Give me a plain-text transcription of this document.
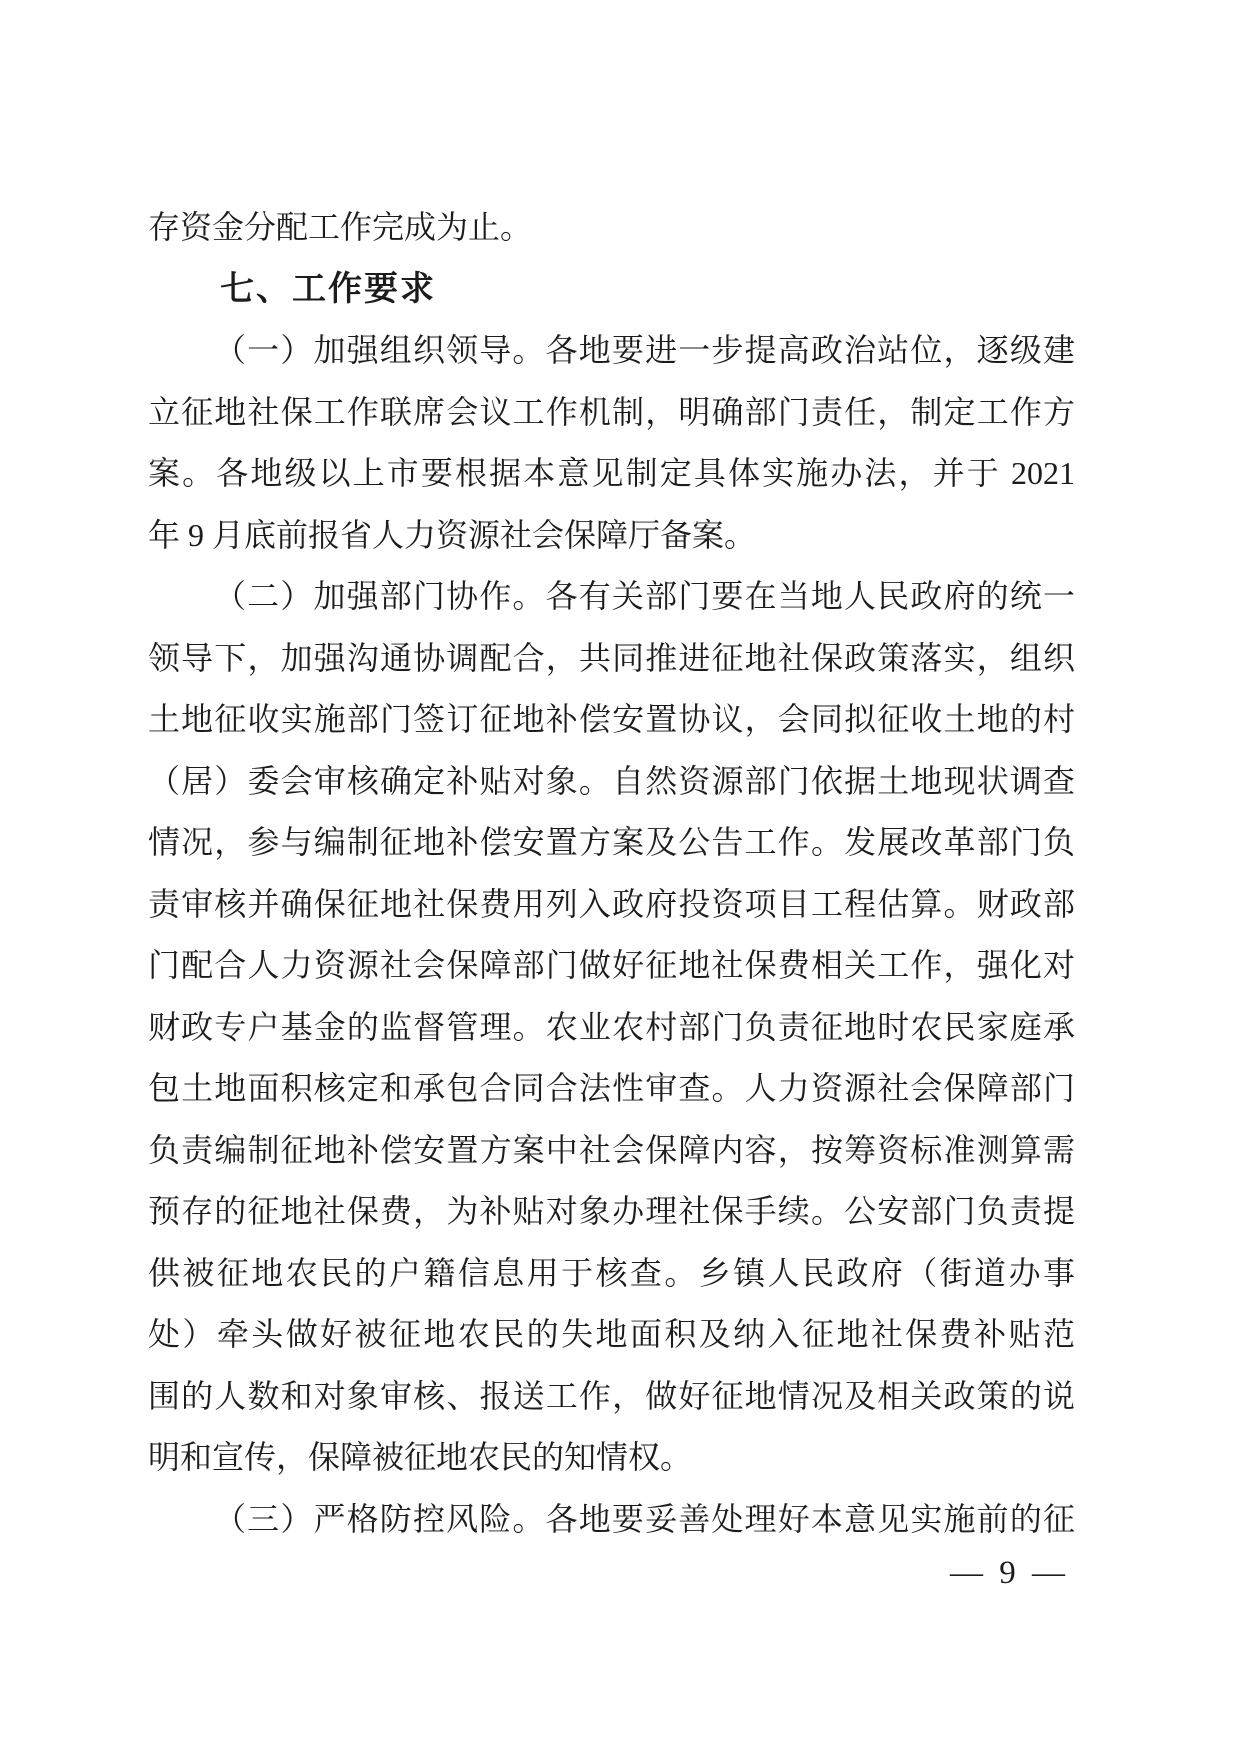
存资金分配工作完成为止。
七、工作要求
（一）加强组织领导。各地要进一步提高政治站位，逐级建
立征地社保工作联席会议工作机制，明确部门责任，制定工作方
案。各地级以上市要根据本意见制定具体实施办法，并于 2021
年 9 月底前报省人力资源社会保障厅备案。
（二）加强部门协作。各有关部门要在当地人民政府的统一
领导下，加强沟通协调配合，共同推进征地社保政策落实，组织
土地征收实施部门签订征地补偿安置协议，会同拟征收土地的村
（居）委会审核确定补贴对象。自然资源部门依据土地现状调查
情况，参与编制征地补偿安置方案及公告工作。发展改革部门负
责审核并确保征地社保费用列入政府投资项目工程估算。财政部
门配合人力资源社会保障部门做好征地社保费相关工作，强化对
财政专户基金的监督管理。农业农村部门负责征地时农民家庭承
包土地面积核定和承包合同合法性审查。人力资源社会保障部门
负责编制征地补偿安置方案中社会保障内容，按筹资标准测算需
预存的征地社保费，为补贴对象办理社保手续。公安部门负责提
供被征地农民的户籍信息用于核查。乡镇人民政府（街道办事
处）牵头做好被征地农民的失地面积及纳入征地社保费补贴范
围的人数和对象审核、报送工作，做好征地情况及相关政策的说
明和宣传，保障被征地农民的知情权。
（三）严格防控风险。各地要妥善处理好本意见实施前的征
— 9 —
